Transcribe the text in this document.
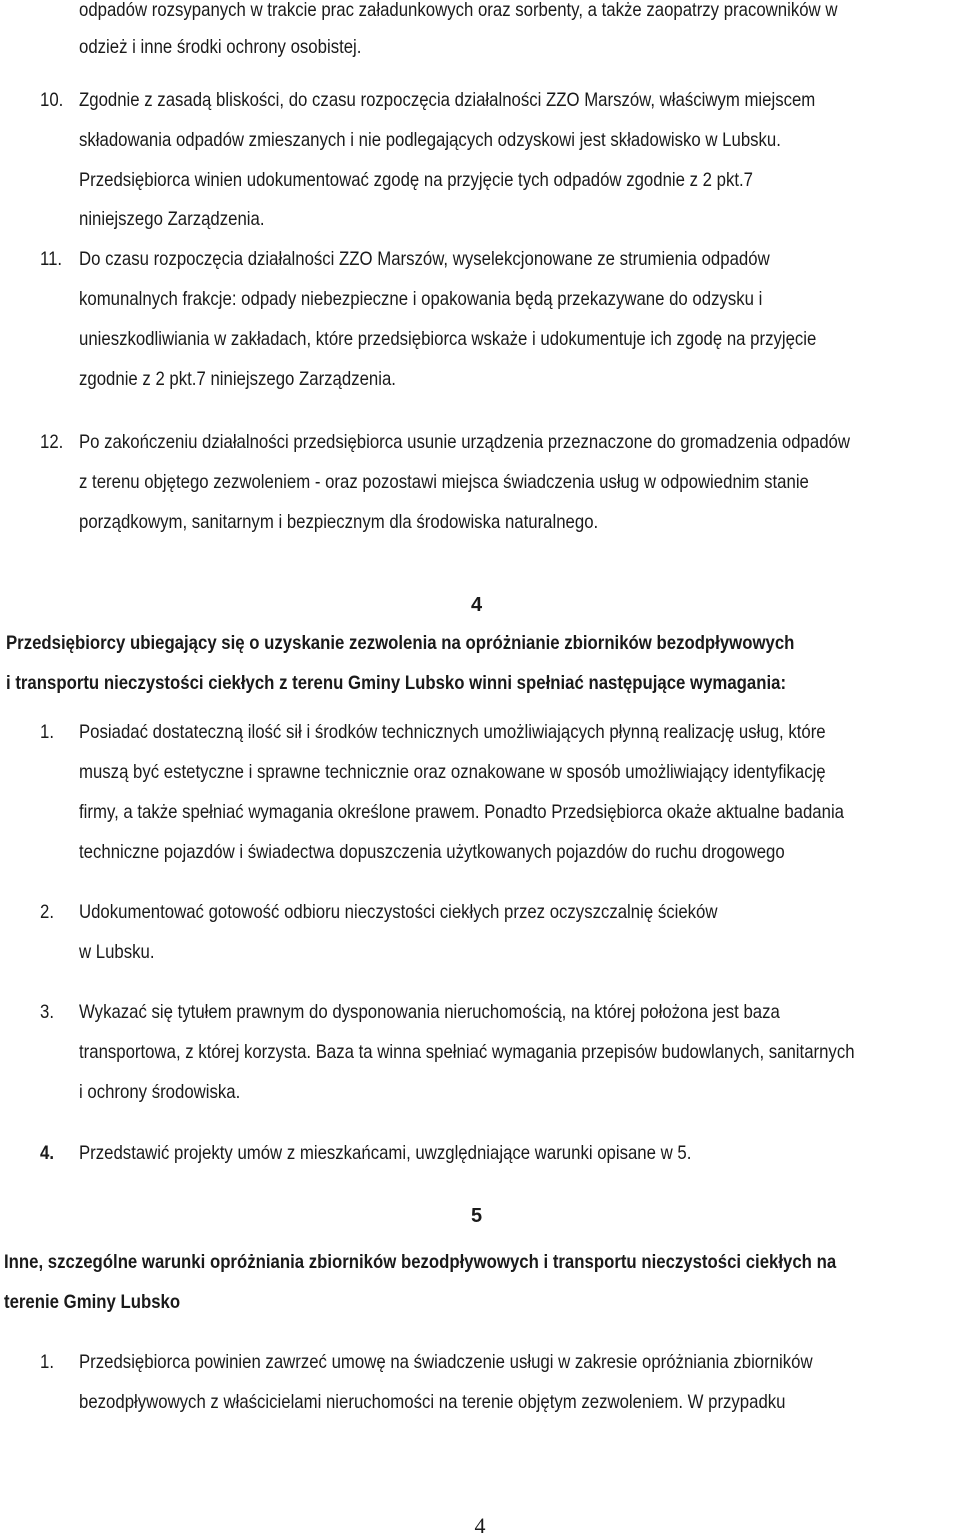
odpadów rozsypanych w trakcie prac załadunkowych oraz sorbenty, a także zaopatrzy pracowników w
odzież i inne środki ochrony osobistej.
10. Zgodnie z zasadą bliskości, do czasu rozpoczęcia działalności ZZO Marszów, właściwym miejscem
składowania odpadów zmieszanych i nie podlegających odzyskowi jest składowisko w Lubsku.
Przedsiębiorca winien udokumentować zgodę na przyjęcie tych odpadów zgodnie z 2 pkt.7
niniejszego Zarządzenia.
11. Do czasu rozpoczęcia działalności ZZO Marszów, wyselekcjonowane ze strumienia odpadów
komunalnych frakcje: odpady niebezpieczne i opakowania będą przekazywane do odzysku i
unieszkodliwiania w zakładach, które przedsiębiorca wskaże i udokumentuje ich zgodę na przyjęcie
zgodnie z 2 pkt.7 niniejszego Zarządzenia.
12. Po zakończeniu działalności przedsiębiorca usunie urządzenia przeznaczone do gromadzenia odpadów
z terenu objętego zezwoleniem - oraz pozostawi miejsca świadczenia usług w odpowiednim stanie
porządkowym, sanitarnym i bezpiecznym dla środowiska naturalnego.
4
Przedsiębiorcy ubiegający się o uzyskanie zezwolenia na opróżnianie zbiorników bezodpływowych
i transportu nieczystości ciekłych z terenu Gminy Lubsko winni spełniać następujące wymagania:
1. Posiadać dostateczną ilość sił i środków technicznych umożliwiających płynną realizację usług, które
muszą być estetyczne i sprawne technicznie oraz oznakowane w sposób umożliwiający identyfikację
firmy, a także spełniać wymagania określone prawem. Ponadto Przedsiębiorca okaże aktualne badania
techniczne pojazdów i świadectwa dopuszczenia użytkowanych pojazdów do ruchu drogowego
2. Udokumentować gotowość odbioru nieczystości ciekłych przez oczyszczalnię ścieków
w Lubsku.
3. Wykazać się tytułem prawnym do dysponowania nieruchomością, na której położona jest baza
transportowa, z której korzysta. Baza ta winna spełniać wymagania przepisów budowlanych, sanitarnych
i ochrony środowiska.
4. Przedstawić projekty umów z mieszkańcami, uwzględniające warunki opisane w 5.
5
Inne, szczególne warunki opróżniania zbiorników bezodpływowych i transportu nieczystości ciekłych na
terenie Gminy Lubsko
1. Przedsiębiorca powinien zawrzeć umowę na świadczenie usługi w zakresie opróżniania zbiorników
bezodpływowych z właścicielami nieruchomości na terenie objętym zezwoleniem. W przypadku
4
